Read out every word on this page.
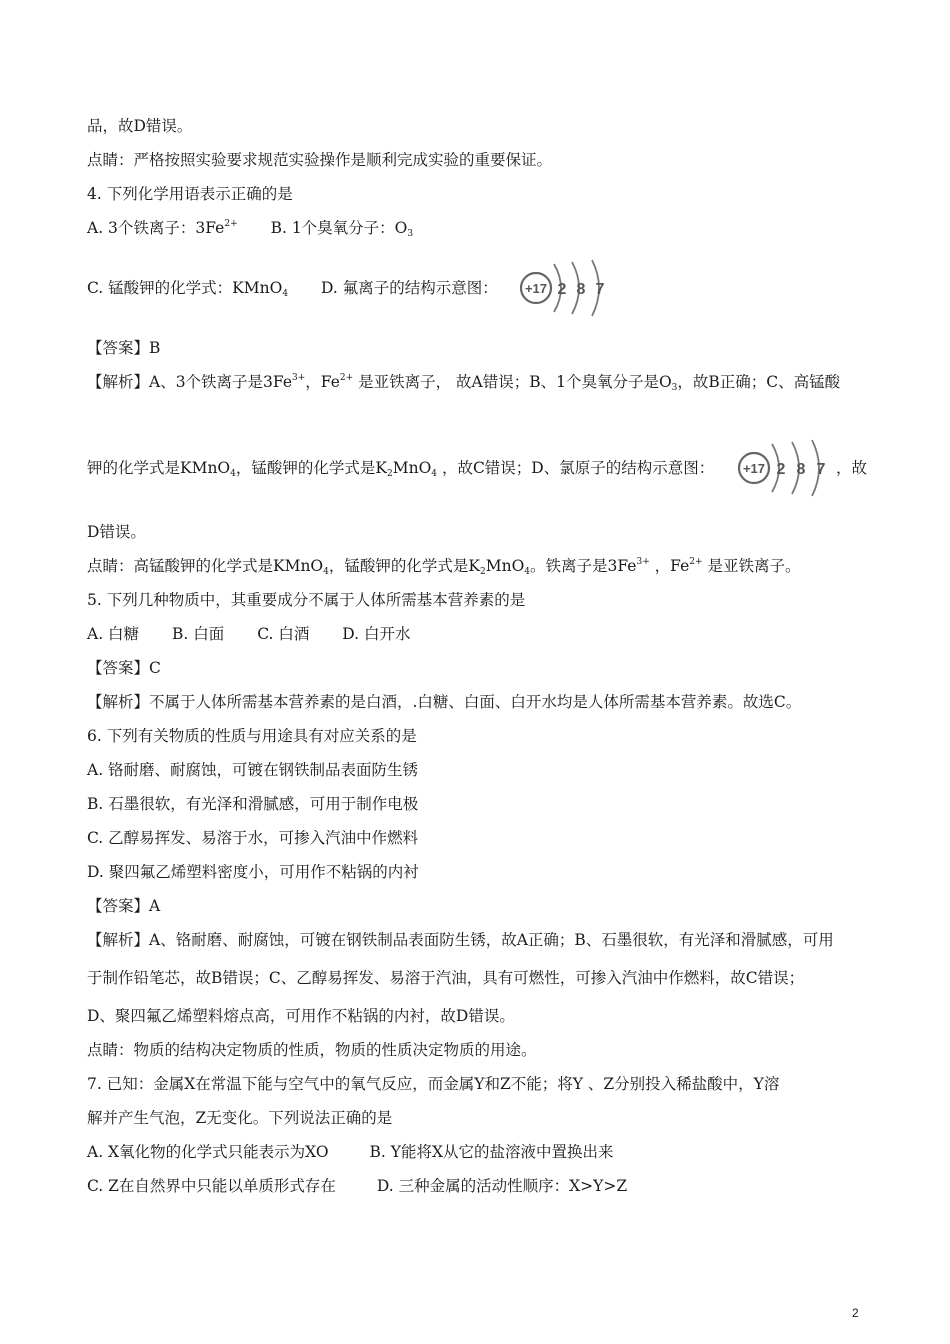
品，故D错误。
点睛：严格按照实验要求规范实验操作是顺利完成实验的重要保证。
4. 下列化学用语表示正确的是
A. 3个铁离子：$3Fe^{2+}$ B. 1个臭氧分子：$O_3$
C. 锰酸钾的化学式：KMnO$_4$ D. 氟离子的结构示意图： +17 2 8 7
【答案】B
【解析】A、3个铁离子是$3Fe^{3+}$，$Fe^{2+}$ 是亚铁离子， 故A错误；B、1个臭氧分子是$O_3$，故B正确；C、高锰酸
钾的化学式是KMnO$_4$，锰酸钾的化学式是$K_2MnO_4$ ，故C错误；D、氯原子的结构示意图：	，故
+17 2 8 7
D错误。
点睛：高锰酸钾的化学式是KMnO$_4$，锰酸钾的化学式是$K_2MnO_4$。铁离子是$3Fe^{3+}$ ，$Fe^{2+}$ 是亚铁离子。
5. 下列几种物质中，其重要成分不属于人体所需基本营养素的是
A. 白糖 B. 白面 C. 白酒 D. 白开水
【答案】C
【解析】不属于人体所需基本营养素的是白酒，.白糖、白面、白开水均是人体所需基本营养素。故选C。
6. 下列有关物质的性质与用途具有对应关系的是
A. 铬耐磨、耐腐蚀，可镀在钢铁制品表面防生锈
B. 石墨很软，有光泽和滑腻感，可用于制作电极
C. 乙醇易挥发、易溶于水，可掺入汽油中作燃料
D. 聚四氟乙烯塑料密度小，可用作不粘锅的内衬
【答案】A
【解析】A、铬耐磨、耐腐蚀，可镀在钢铁制品表面防生锈，故A正确；B、石墨很软，有光泽和滑腻感，可用
于制作铅笔芯，故B错误；C、乙醇易挥发、易溶于汽油，具有可燃性，可掺入汽油中作燃料，故C错误；
D、聚四氟乙烯塑料熔点高，可用作不粘锅的内衬，故D错误。
点睛：物质的结构决定物质的性质，物质的性质决定物质的用途。
7. 已知：金属X在常温下能与空气中的氧气反应，而金属Y和Z不能；将Y 、Z分别投入稀盐酸中，Y溶
解并产生气泡，Z无变化。下列说法正确的是
A. X氧化物的化学式只能表示为XO	B. Y能将X从它的盐溶液中置换出来
C. Z在自然界中只能以单质形式存在	D. 三种金属的活动性顺序：X>Y>Z
2
